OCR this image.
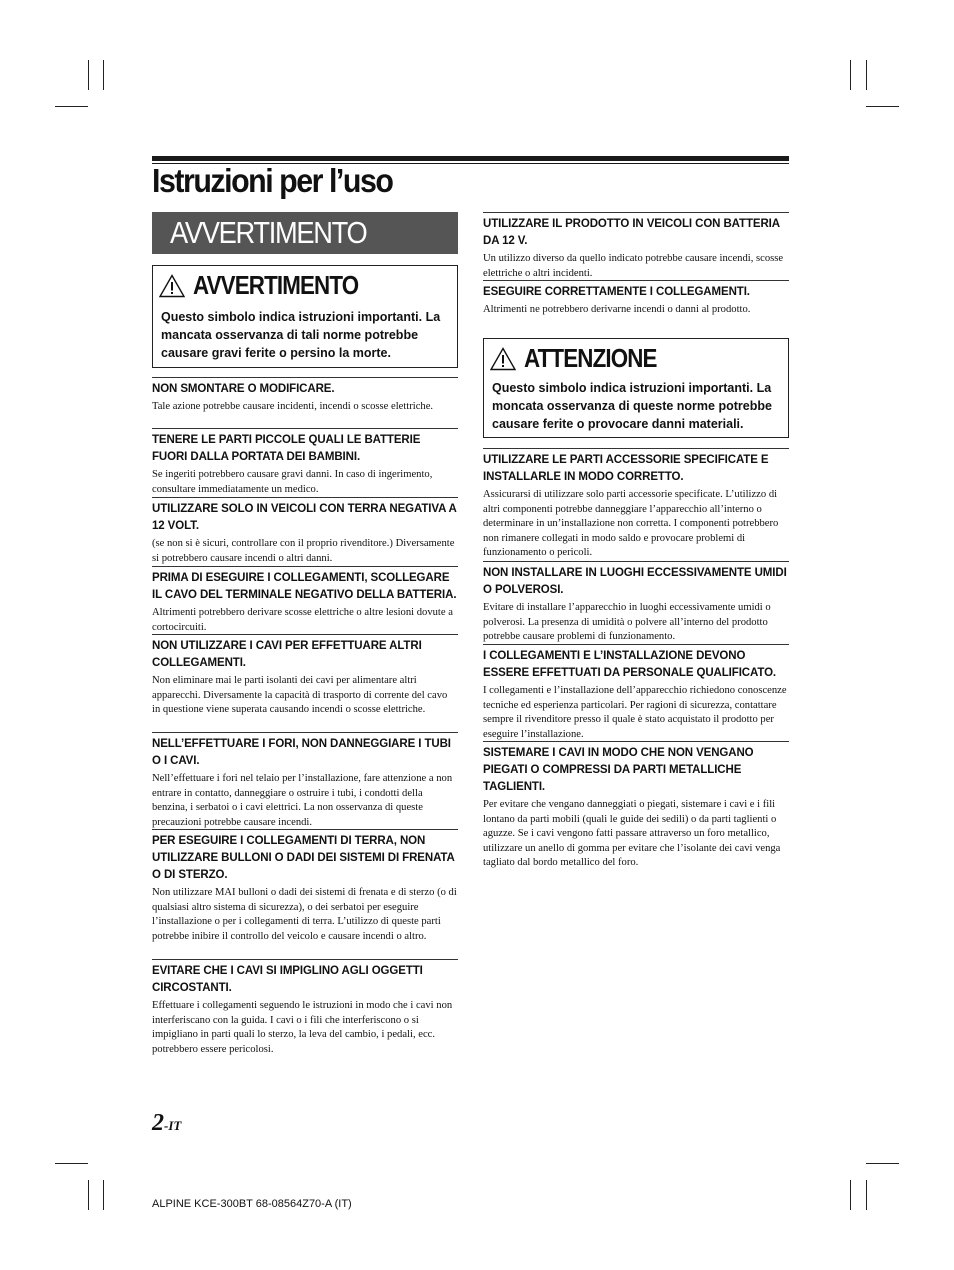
Istruzioni per l’uso
AVVERTIMENTO
AVVERTIMENTO
Questo simbolo indica istruzioni importanti. La mancata osservanza di tali norme potrebbe causare gravi ferite o persino la morte.	ATTENZIONE
Questo simbolo indica istruzioni importanti. La moncata osservanza di queste norme potrebbe causare ferite o provocare danni materiali.
NON SMONTARE O MODIFICARE.

Tale azione potrebbe causare incidenti, incendi o scosse elettriche.

TENERE LE PARTI PICCOLE QUALI LE BATTERIE FUORI DALLA PORTATA DEI BAMBINI.

Se ingeriti potrebbero causare gravi danni. In caso di ingerimento, consultare immediatamente un medico.

UTILIZZARE SOLO IN VEICOLI CON TERRA NEGATIVA A 12 VOLT.

(se non si è sicuri, controllare con il proprio rivenditore.) Diversamente si potrebbero causare incendi o altri danni.

PRIMA DI ESEGUIRE I COLLEGAMENTI, SCOLLEGARE IL CAVO DEL TERMINALE NEGATIVO DELLA BATTERIA.

Altrimenti potrebbero derivare scosse elettriche o altre lesioni dovute a cortocircuiti.

NON UTILIZZARE I CAVI PER EFFETTUARE ALTRI COLLEGAMENTI.

Non eliminare mai le parti isolanti dei cavi per alimentare altri apparecchi. Diversamente la capacità di trasporto di corrente del cavo in questione viene superata causando incendi o scosse elettriche.

NELL’EFFETTUARE I FORI, NON DANNEGGIARE I TUBI O I CAVI.

Nell’effettuare i fori nel telaio per l’installazione, fare attenzione a non entrare in contatto, danneggiare o ostruire i tubi, i condotti della benzina, i serbatoi o i cavi elettrici. La non osservanza di queste precauzioni potrebbe causare incendi.

PER ESEGUIRE I COLLEGAMENTI DI TERRA, NON UTILIZZARE BULLONI O DADI DEI SISTEMI DI FRENATA O DI STERZO.

Non utilizzare MAI bulloni o dadi dei sistemi di frenata e di sterzo (o di qualsiasi altro sistema di sicurezza), o dei serbatoi per eseguire l’installazione o per i collegamenti di terra. L’utilizzo di queste parti potrebbe inibire il controllo del veicolo e causare incendi o altro.

EVITARE CHE I CAVI SI IMPIGLINO AGLI OGGETTI CIRCOSTANTI.

Effettuare i collegamenti seguendo le istruzioni in modo che i cavi non interferiscano con la guida. I cavi o i fili che interferiscono o si impigliano in parti quali lo sterzo, la leva del cambio, i pedali, ecc. potrebbero essere pericolosi.

UTILIZZARE IL PRODOTTO IN VEICOLI CON BATTERIA DA 12 V.

Un utilizzo diverso da quello indicato potrebbe causare incendi, scosse elettriche o altri incidenti.

ESEGUIRE CORRETTAMENTE I COLLEGAMENTI.

Altrimenti ne potrebbero derivarne incendi o danni al prodotto.

UTILIZZARE LE PARTI ACCESSORIE SPECIFICATE E INSTALLARLE IN MODO CORRETTO.

Assicurarsi di utilizzare solo parti accessorie specificate. L’utilizzo di altri componenti potrebbe danneggiare l’apparecchio all’interno o determinare in un’installazione non corretta. I componenti potrebbero non rimanere collegati in modo saldo e provocare problemi di funzionamento o pericoli.

NON INSTALLARE IN LUOGHI ECCESSIVAMENTE UMIDI O POLVEROSI.

Evitare di installare l’apparecchio in luoghi eccessivamente umidi o polverosi. La presenza di umidità o polvere all’interno del prodotto potrebbe causare problemi di funzionamento.

I COLLEGAMENTI E L’INSTALLAZIONE DEVONO ESSERE EFFETTUATI DA PERSONALE QUALIFICATO.

I collegamenti e l’installazione dell’apparecchio richiedono conoscenze tecniche ed esperienza particolari. Per ragioni di sicurezza, contattare sempre il rivenditore presso il quale è stato acquistato il prodotto per eseguire l’installazione.

SISTEMARE I CAVI IN MODO CHE NON VENGANO PIEGATI O COMPRESSI DA PARTI METALLICHE TAGLIENTI.

Per evitare che vengano danneggiati o piegati, sistemare i cavi e i fili lontano da parti mobili (quali le guide dei sedili) o da parti taglienti o aguzze. Se i cavi vengono fatti passare attraverso un foro metallico, utilizzare un anello di gomma per evitare che l’isolante dei cavi venga tagliato dal bordo metallico del foro.

2-IT
ALPINE KCE-300BT 68-08564Z70-A (IT)
